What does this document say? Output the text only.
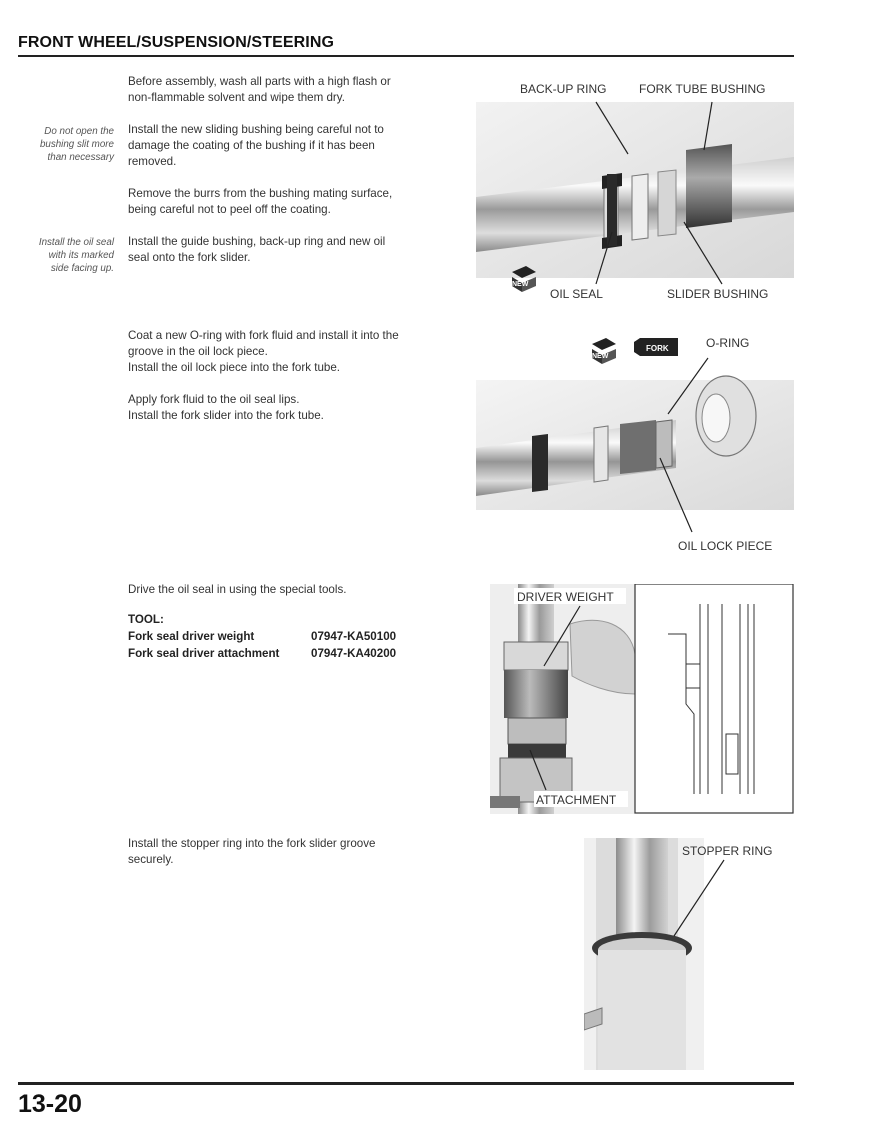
FRONT WHEEL/SUSPENSION/STEERING
Before assembly, wash all parts with a high flash or
non-flammable solvent and wipe them dry.
Do not open the
bushing slit more
than necessary
Install the new sliding bushing being careful not to
damage the coating of the bushing if it has been
removed.
Remove the burrs from the bushing mating surface,
being careful not to peel off the coating.
Install the oil seal
with its marked
side facing up.
Install the guide bushing, back-up ring and new oil
seal onto the fork slider.
Coat a new O-ring with fork fluid and install it into the
groove in the oil lock piece.
Install the oil lock piece into the fork tube.
Apply fork fluid to the oil seal lips.
Install the fork slider into the fork tube.
Drive the oil seal in using the special tools.
TOOL:
Fork seal driver weight	07947-KA50100
Fork seal driver attachment	07947-KA40200
Install the stopper ring into the fork slider groove
securely.
NEW
BACK-UP RING	FORK TUBE BUSHING
OIL SEAL	SLIDER BUSHING
NEW
FORK	O-RING
OIL LOCK PIECE
DRIVER WEIGHT
ATTACHMENT
STOPPER RING
13-20
